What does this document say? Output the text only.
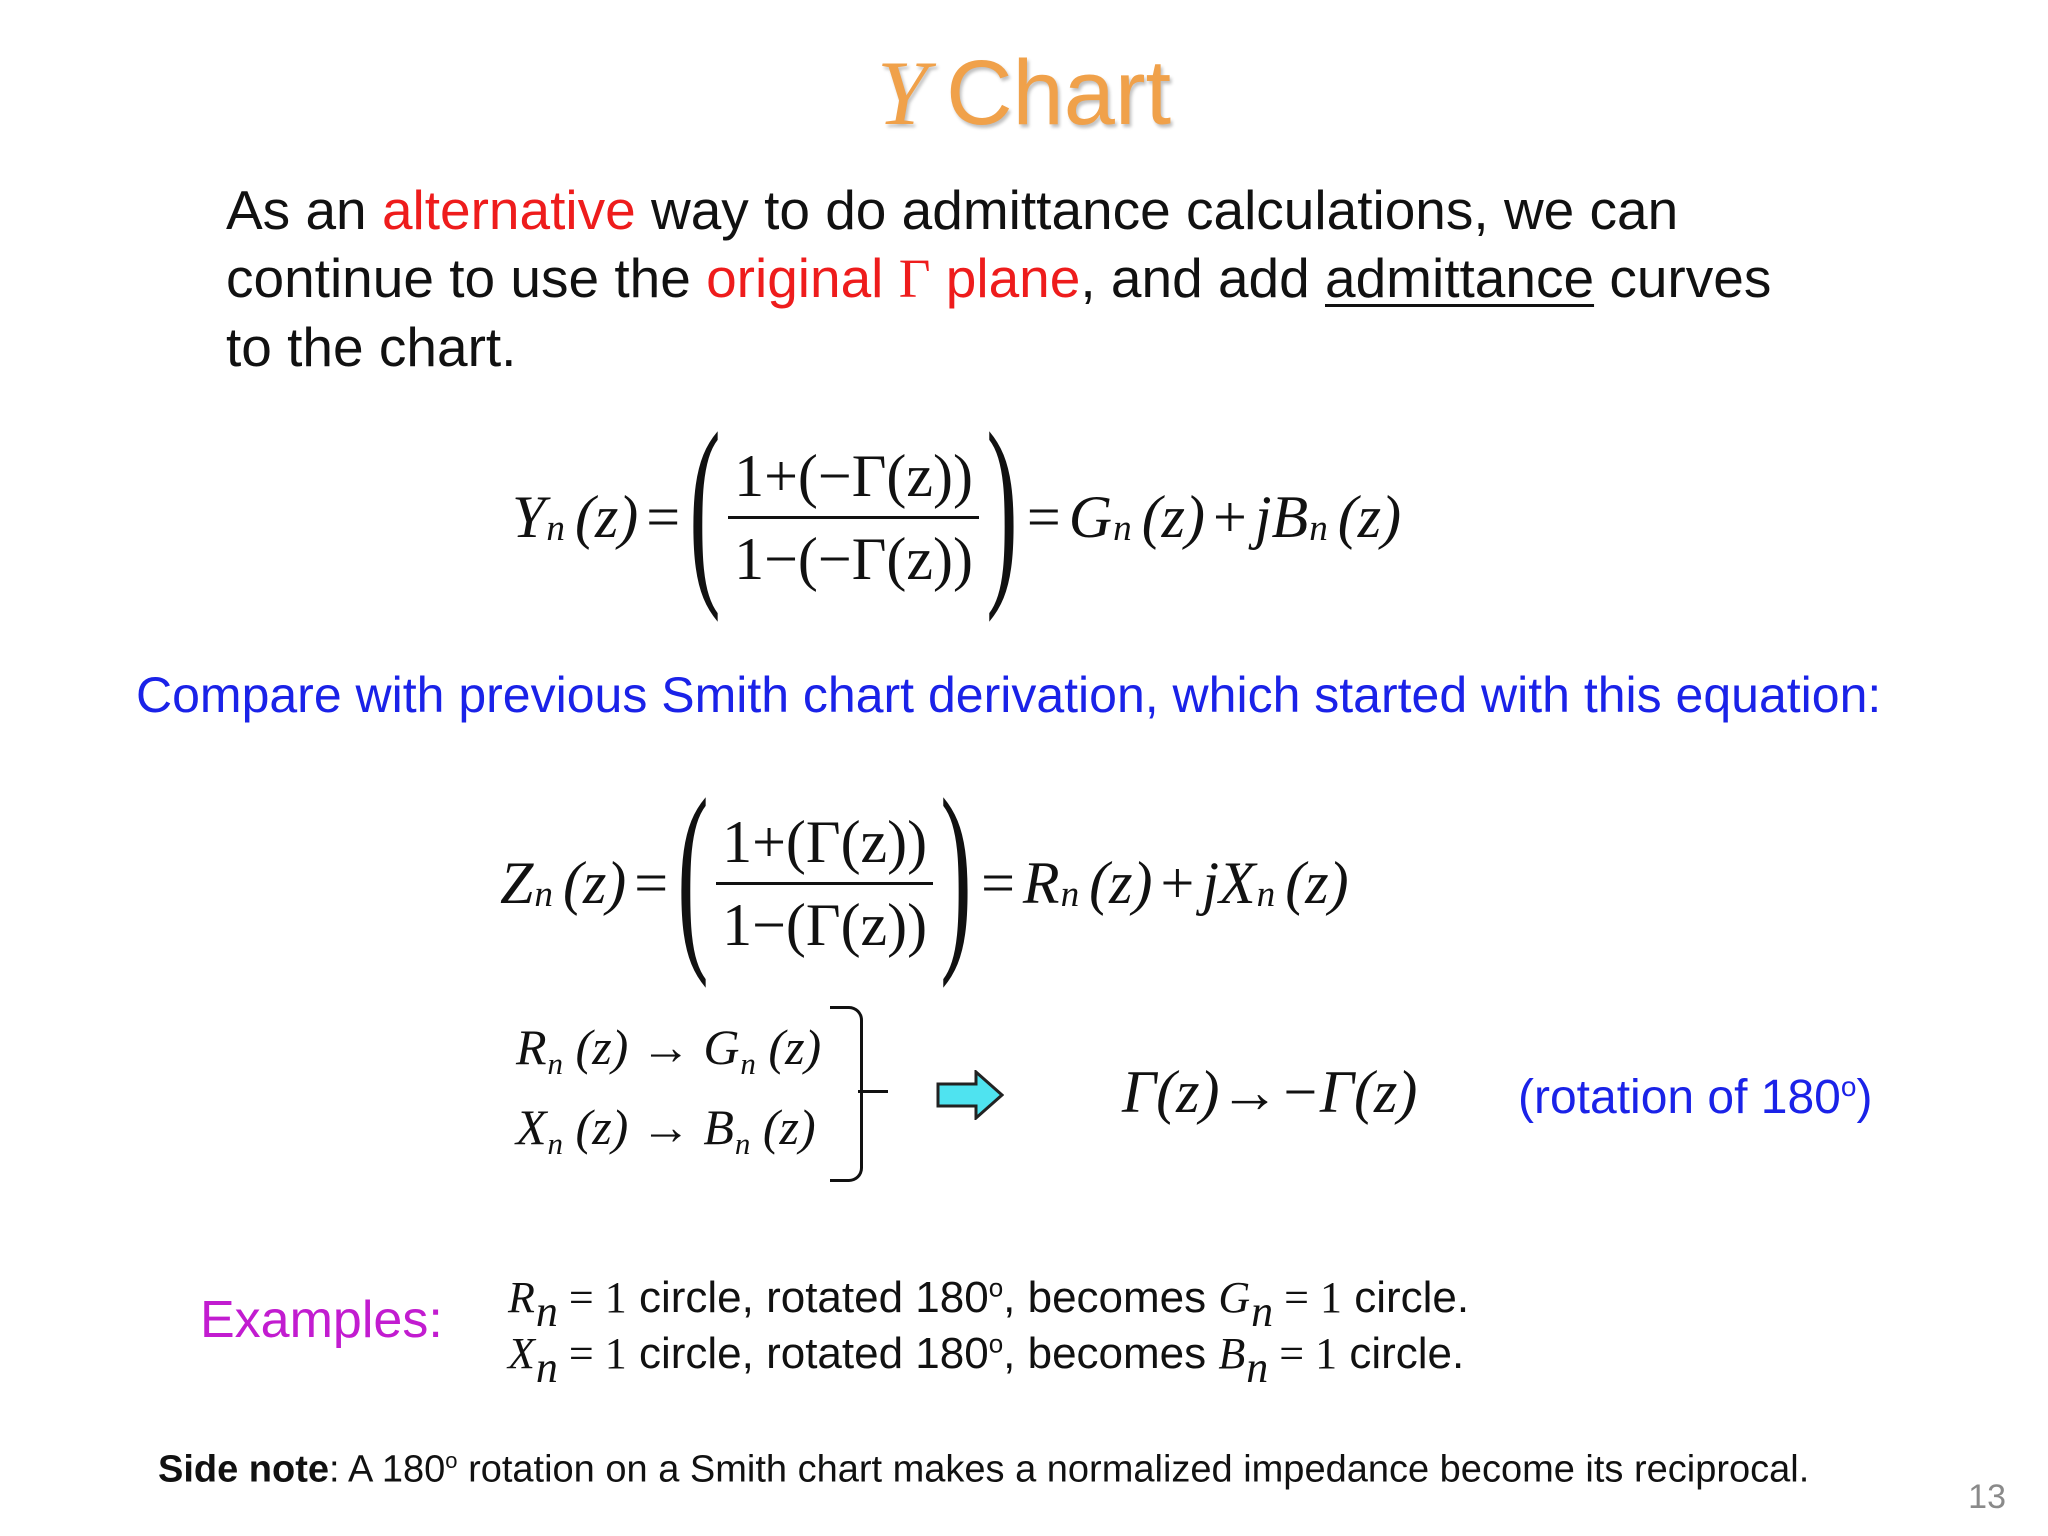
Y Chart
As an alternative way to do admittance calculations, we can continue to use the original Γ plane, and add admittance curves to the chart.
Y n (z) = ( $\frac{1+(-\Gamma(z))}{1-(-\Gamma(z))}$ ) = G n (z) + jB n (z)
Compare with previous Smith chart derivation, which started with this equation:
Z n (z) = ( $\frac{1+(\Gamma(z))}{1-(\Gamma(z))}$ ) = R n (z) + jX n (z)
Rn (z) → Gn (z)
Xn (z) → Bn (z)
Γ(z)→−Γ(z) (rotation of 180$^o$)
Examples: Rn = 1 circle, rotated 180$^o$, becomes Gn = 1 circle.
Xn = 1 circle, rotated 180$^o$, becomes Bn = 1 circle.
Side note: A 180$^o$ rotation on a Smith chart makes a normalized impedance become its reciprocal.
13
